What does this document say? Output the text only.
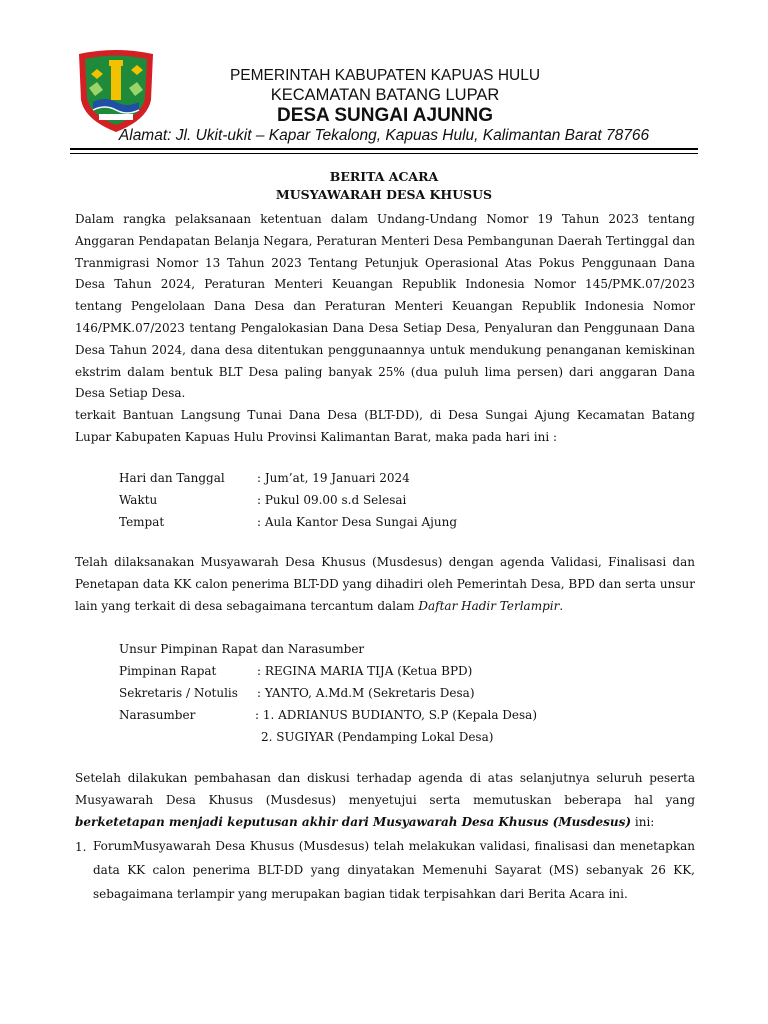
PEMERINTAH KABUPATEN KAPUAS HULU
KECAMATAN BATANG LUPAR
DESA SUNGAI AJUNNG
Alamat: Jl. Ukit-ukit – Kapar Tekalong, Kapuas Hulu, Kalimantan Barat 78766
BERITA ACARA
MUSYAWARAH DESA KHUSUS
Dalam rangka pelaksanaan ketentuan dalam Undang-Undang Nomor 19 Tahun 2023 tentang Anggaran Pendapatan Belanja Negara, Peraturan Menteri Desa Pembangunan Daerah Tertinggal dan Tranmigrasi Nomor 13 Tahun 2023 Tentang Petunjuk Operasional Atas Pokus Penggunaan Dana Desa Tahun 2024, Peraturan Menteri Keuangan Republik Indonesia Nomor 145/PMK.07/2023 tentang Pengelolaan Dana Desa dan Peraturan Menteri Keuangan Republik Indonesia Nomor 146/PMK.07/2023 tentang Pengalokasian Dana Desa Setiap Desa, Penyaluran dan Penggunaan Dana Desa Tahun 2024, dana desa ditentukan penggunaannya untuk mendukung penanganan kemiskinan ekstrim dalam bentuk BLT Desa paling banyak 25% (dua puluh lima persen) dari anggaran Dana Desa Setiap Desa.
terkait Bantuan Langsung Tunai Dana Desa (BLT-DD), di Desa Sungai Ajung Kecamatan Batang Lupar Kabupaten Kapuas Hulu Provinsi Kalimantan Barat, maka pada hari ini :
Hari dan Tanggal	: Jum’at, 19 Januari 2024
Waktu	: Pukul 09.00 s.d Selesai
Tempat	: Aula Kantor Desa Sungai Ajung
Telah dilaksanakan Musyawarah Desa Khusus (Musdesus) dengan agenda Validasi, Finalisasi dan Penetapan data KK calon penerima BLT-DD yang dihadiri oleh Pemerintah Desa, BPD dan serta unsur lain yang terkait di desa sebagaimana tercantum dalam Daftar Hadir Terlampir.
Unsur Pimpinan Rapat dan Narasumber
Pimpinan Rapat	: REGINA MARIA TIJA (Ketua BPD)
Sekretaris / Notulis : YANTO, A.Md.M (Sekretaris Desa)
Narasumber	: 1. ADRIANUS BUDIANTO, S.P (Kepala Desa)
2. SUGIYAR (Pendamping Lokal Desa)
Setelah dilakukan pembahasan dan diskusi terhadap agenda di atas selanjutnya seluruh peserta Musyawarah Desa Khusus (Musdesus) menyetujui serta memutuskan beberapa hal yang berketetapan menjadi keputusan akhir dari Musyawarah Desa Khusus (Musdesus) ini:
1. ForumMusyawarah Desa Khusus (Musdesus) telah melakukan validasi, finalisasi dan menetapkan data KK calon penerima BLT-DD yang dinyatakan Memenuhi Sayarat (MS) sebanyak 26 KK, sebagaimana terlampir yang merupakan bagian tidak terpisahkan dari Berita Acara ini.
